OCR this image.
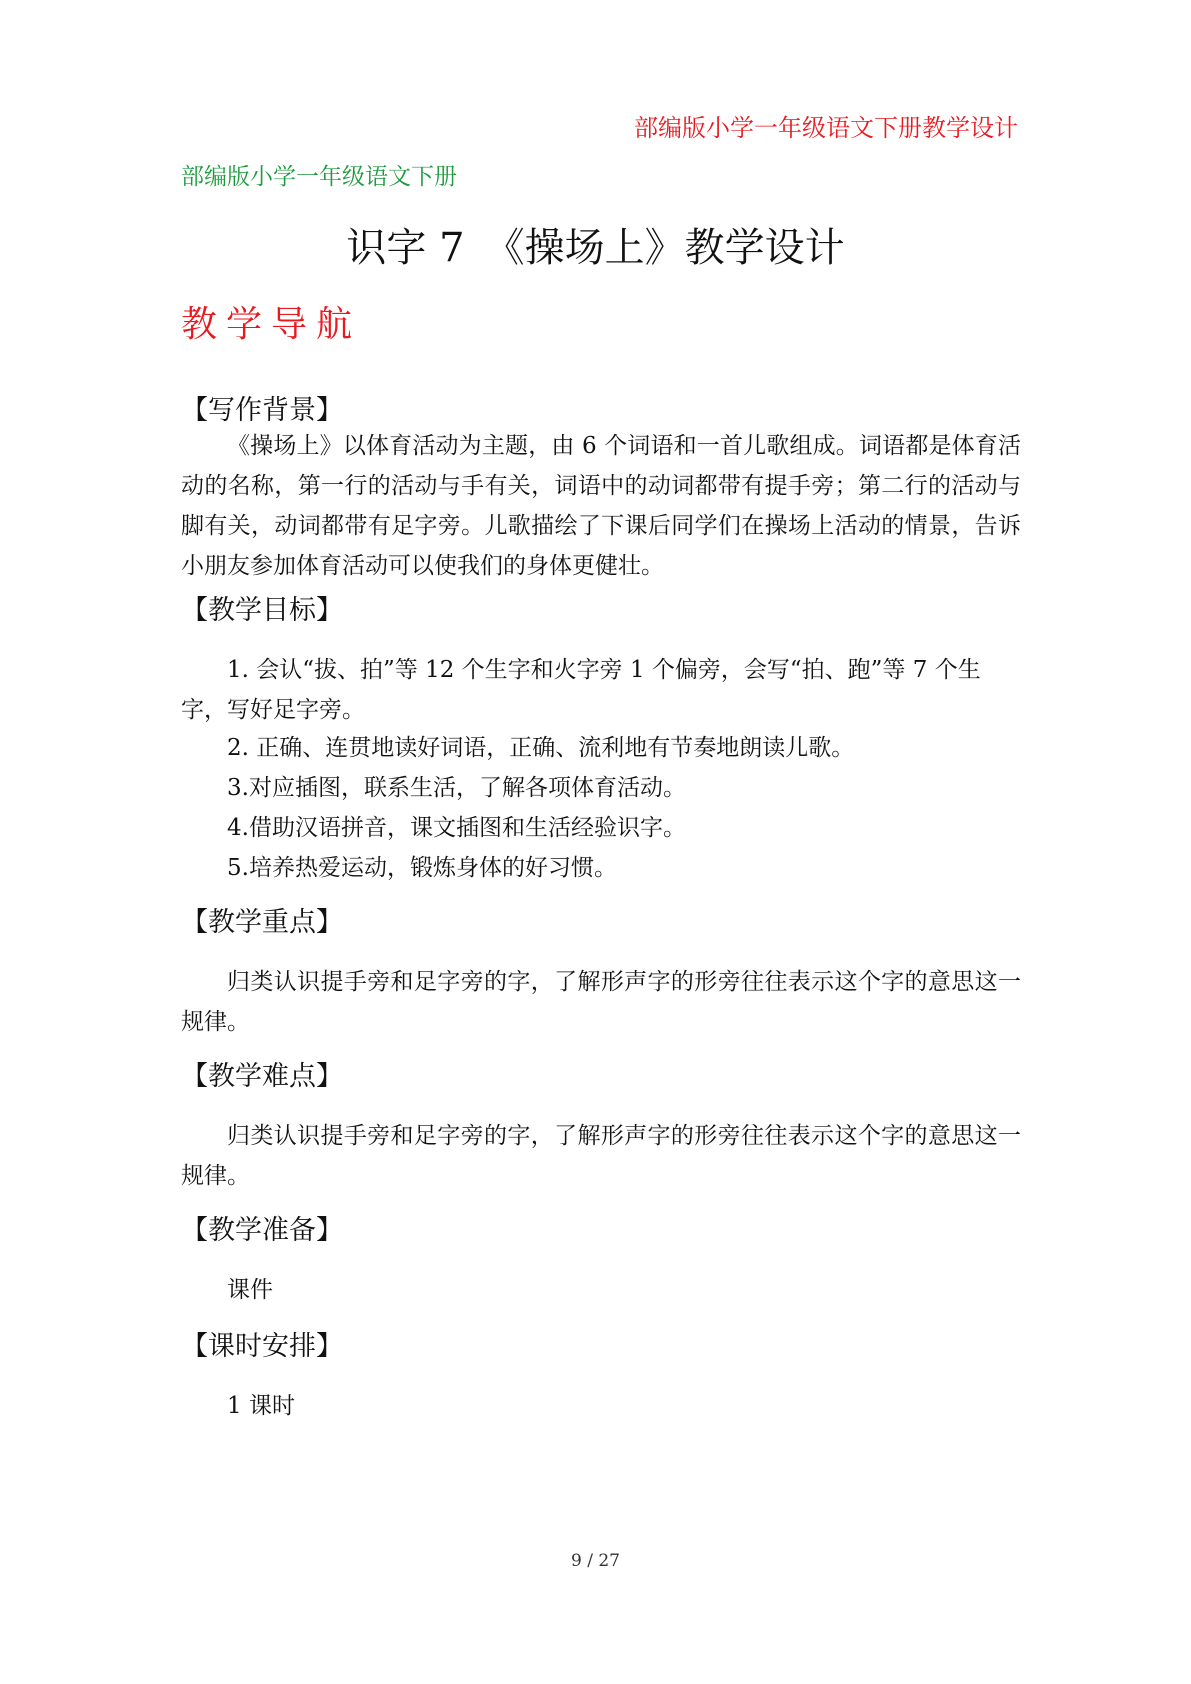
部编版小学一年级语文下册教学设计
部编版小学一年级语文下册
识字 7　《操场上》教学设计
教学导航
【写作背景】
《操场上》以体育活动为主题，由 6 个词语和一首儿歌组成。词语都是体育活动的名称，第一行的活动与手有关，词语中的动词都带有提手旁；第二行的活动与脚有关，动词都带有足字旁。儿歌描绘了下课后同学们在操场上活动的情景，告诉小朋友参加体育活动可以使我们的身体更健壮。
【教学目标】
1. 会认“拔、拍”等 12 个生字和火字旁 1 个偏旁，会写“拍、跑”等 7 个生字，写好足字旁。
2. 正确、连贯地读好词语，正确、流利地有节奏地朗读儿歌。
3.对应插图，联系生活，了解各项体育活动。
4.借助汉语拼音，课文插图和生活经验识字。
5.培养热爱运动，锻炼身体的好习惯。
【教学重点】
归类认识提手旁和足字旁的字，了解形声字的形旁往往表示这个字的意思这一规律。
【教学难点】
归类认识提手旁和足字旁的字，了解形声字的形旁往往表示这个字的意思这一规律。
【教学准备】
课件
【课时安排】
1 课时
9 / 27
